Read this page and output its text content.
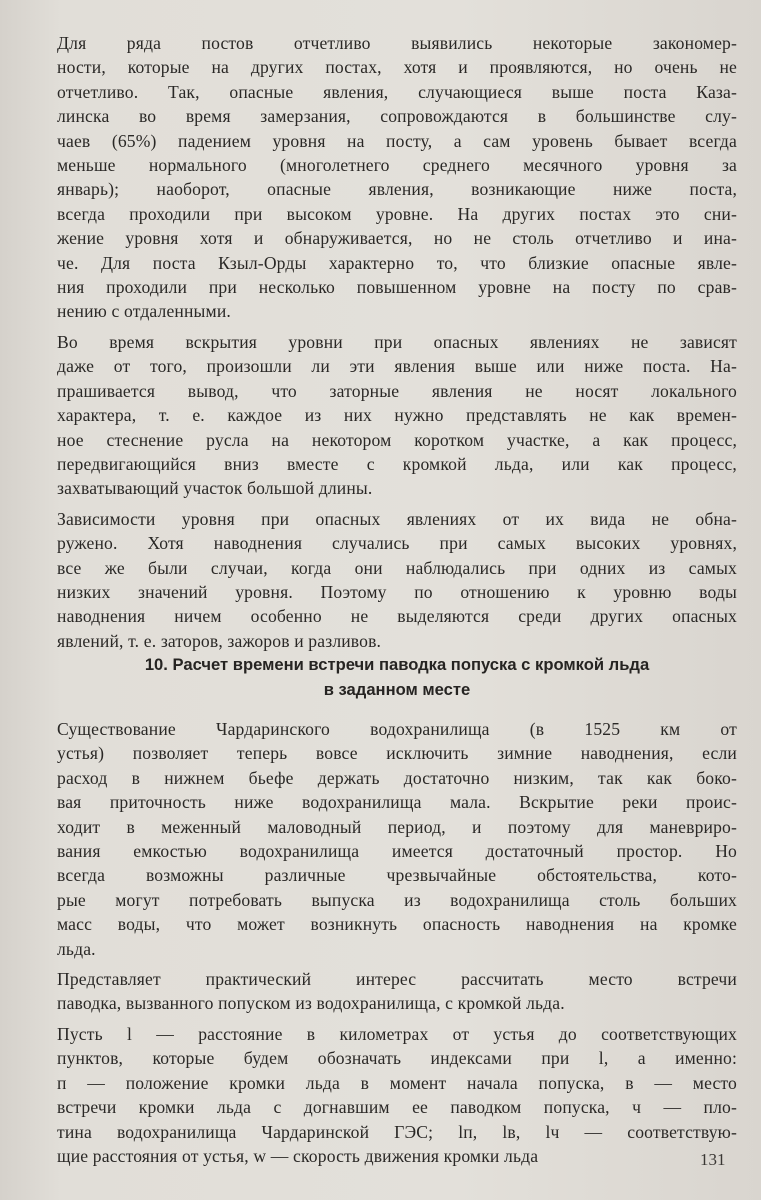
Для ряда постов отчетливо выявились некоторые закономер-
ности, которые на других постах, хотя и проявляются, но очень не
отчетливо. Так, опасные явления, случающиеся выше поста Каза-
линска во время замерзания, сопровождаются в большинстве слу-
чаев (65%) падением уровня на посту, а сам уровень бывает всегда
меньше нормального (многолетнего среднего месячного уровня за
январь); наоборот, опасные явления, возникающие ниже поста,
всегда проходили при высоком уровне. На других постах это сни-
жение уровня хотя и обнаруживается, но не столь отчетливо и ина-
че. Для поста Кзыл-Орды характерно то, что близкие опасные явле-
ния проходили при несколько повышенном уровне на посту по срав-
нению с отдаленными.
Во время вскрытия уровни при опасных явлениях не зависят
даже от того, произошли ли эти явления выше или ниже поста. На-
прашивается вывод, что заторные явления не носят локального
характера, т. е. каждое из них нужно представлять не как времен-
ное стеснение русла на некотором коротком участке, а как процесс,
передвигающийся вниз вместе с кромкой льда, или как процесс,
захватывающий участок большой длины.
Зависимости уровня при опасных явлениях от их вида не обна-
ружено. Хотя наводнения случались при самых высоких уровнях,
все же были случаи, когда они наблюдались при одних из самых
низких значений уровня. Поэтому по отношению к уровню воды
наводнения ничем особенно не выделяются среди других опасных
явлений, т. е. заторов, зажоров и разливов.
10. Расчет времени встречи паводка попуска с кромкой льда
в заданном месте
Существование Чардаринского водохранилища (в 1525 км от
устья) позволяет теперь вовсе исключить зимние наводнения, если
расход в нижнем бьефе держать достаточно низким, так как боко-
вая приточность ниже водохранилища мала. Вскрытие реки проис-
ходит в меженный маловодный период, и поэтому для маневриро-
вания емкостью водохранилища имеется достаточный простор. Но
всегда возможны различные чрезвычайные обстоятельства, кото-
рые могут потребовать выпуска из водохранилища столь больших
масс воды, что может возникнуть опасность наводнения на кромке
льда.
Представляет практический интерес рассчитать место встречи
паводка, вызванного попуском из водохранилища, с кромкой льда.
Пусть l — расстояние в километрах от устья до соответствующих
пунктов, которые будем обозначать индексами при l, а именно:
п — положение кромки льда в момент начала попуска, в — место
встречи кромки льда с догнавшим ее паводком попуска, ч — пло-
тина водохранилища Чардаринской ГЭС; lп, lв, lч — соответствую-
щие расстояния от устья, w — скорость движения кромки льда	131
